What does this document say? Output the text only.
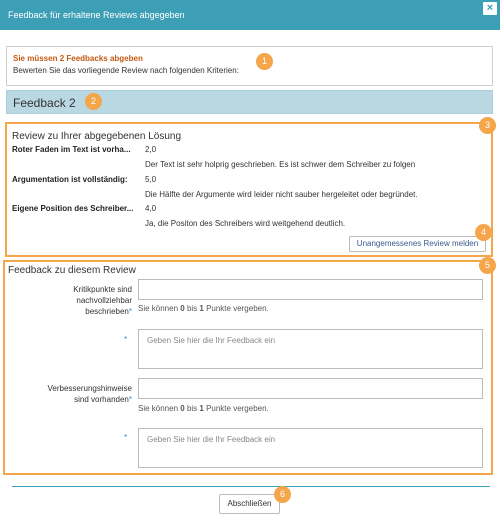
Feedback für erhaltene Reviews abgegeben
×
Sie müssen 2 Feedbacks abgeben
Bewerten Sie das vorliegende Review nach folgenden Kriterien:
1
Feedback 2	2
3
Review zu Ihrer abgegebenen Lösung
Roter Faden im Text ist vorha...	2,0
Der Text ist sehr holprig geschrieben. Es ist schwer dem Schreiber zu folgen
Argumentation ist vollständig:	5,0
Die Hälfte der Argumente wird leider nicht sauber hergeleitet oder begründet.
Eigene Position des Schreiber...	4,0
Ja, die Positon des Schreibers wird weitgehend deutlich.
Unangemessenes Review melden
4
5
Feedback zu diesem Review
Kritikpunkte sind
nachvollziehbar
beschrieben* Sie können 0 bis 1 Punkte vergeben.
* Geben Sie hier die Ihr Feedback ein
Verbesserungshinweise
sind vorhanden*
Sie können 0 bis 1 Punkte vergeben.
* Geben Sie hier die Ihr Feedback ein
Abschließen
6
